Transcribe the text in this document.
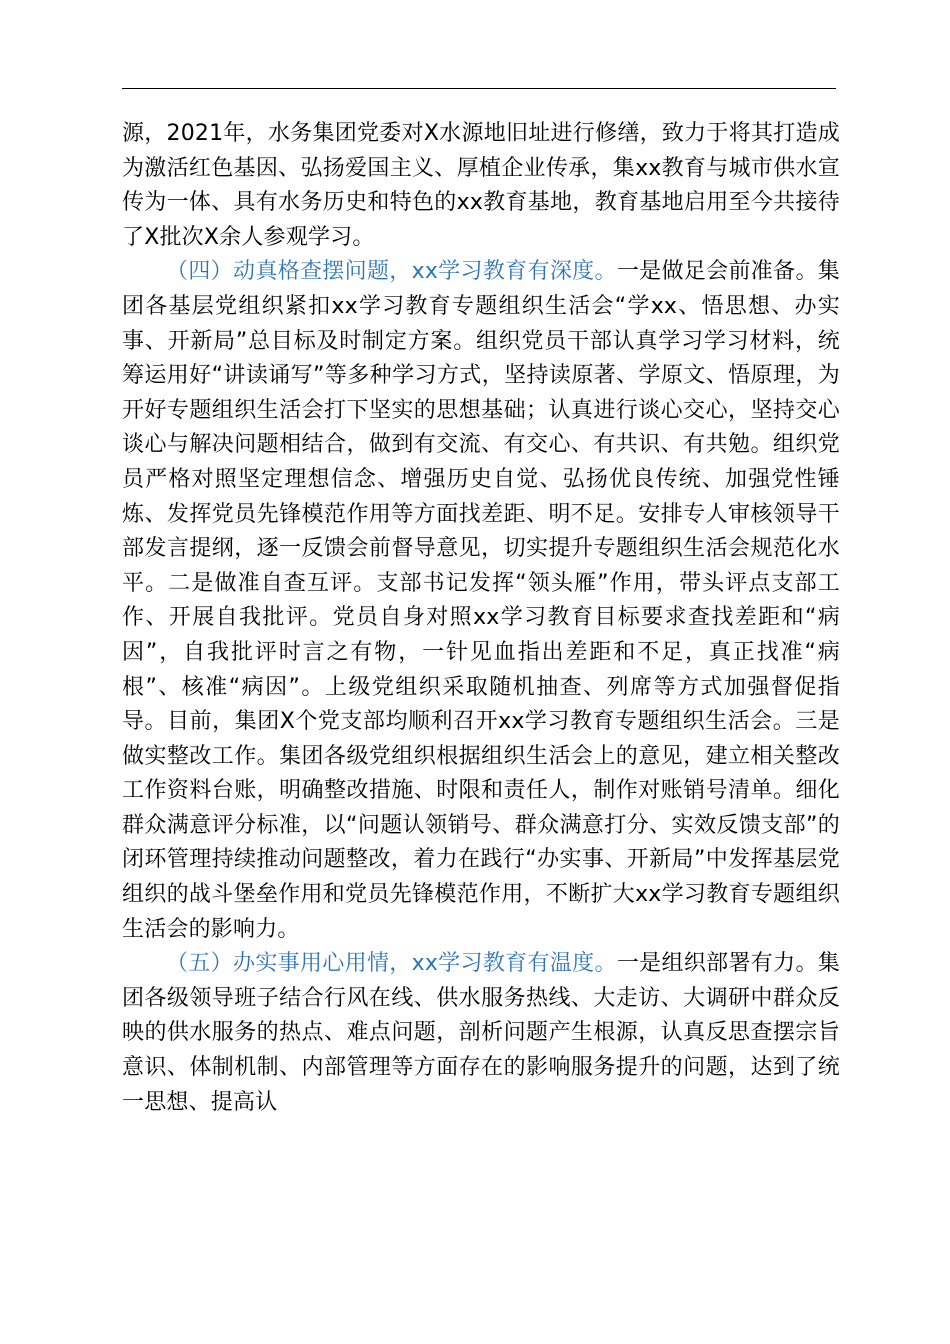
源，2021年，水务集团党委对X水源地旧址进行修缮，致力于将其打造成为激活红色基因、弘扬爱国主义、厚植企业传承，集xx教育与城市供水宣传为一体、具有水务历史和特色的xx教育基地，教育基地启用至今共接待了X批次X余人参观学习。

（四）动真格查摆问题，xx学习教育有深度。一是做足会前准备。集团各基层党组织紧扣xx学习教育专题组织生活会“学xx、悟思想、办实事、开新局”总目标及时制定方案。组织党员干部认真学习学习材料，统筹运用好“讲读诵写”等多种学习方式，坚持读原著、学原文、悟原理，为开好专题组织生活会打下坚实的思想基础；认真进行谈心交心，坚持交心谈心与解决问题相结合，做到有交流、有交心、有共识、有共勉。组织党员严格对照坚定理想信念、增强历史自觉、弘扬优良传统、加强党性锤炼、发挥党员先锋模范作用等方面找差距、明不足。安排专人审核领导干部发言提纲，逐一反馈会前督导意见，切实提升专题组织生活会规范化水平。二是做准自查互评。支部书记发挥“领头雁”作用，带头评点支部工作、开展自我批评。党员自身对照xx学习教育目标要求查找差距和“病因”，自我批评时言之有物，一针见血指出差距和不足，真正找准“病根”、核准“病因”。上级党组织采取随机抽查、列席等方式加强督促指导。目前，集团X个党支部均顺利召开xx学习教育专题组织生活会。三是做实整改工作。集团各级党组织根据组织生活会上的意见，建立相关整改工作资料台账，明确整改措施、时限和责任人，制作对账销号清单。细化群众满意评分标准，以“问题认领销号、群众满意打分、实效反馈支部”的闭环管理持续推动问题整改，着力在践行“办实事、开新局”中发挥基层党组织的战斗堡垒作用和党员先锋模范作用，不断扩大xx学习教育专题组织生活会的影响力。

（五）办实事用心用情，xx学习教育有温度。一是组织部署有力。集团各级领导班子结合行风在线、供水服务热线、大走访、大调研中群众反映的供水服务的热点、难点问题，剖析问题产生根源，认真反思查摆宗旨意识、体制机制、内部管理等方面存在的影响服务提升的问题，达到了统一思想、提高认
